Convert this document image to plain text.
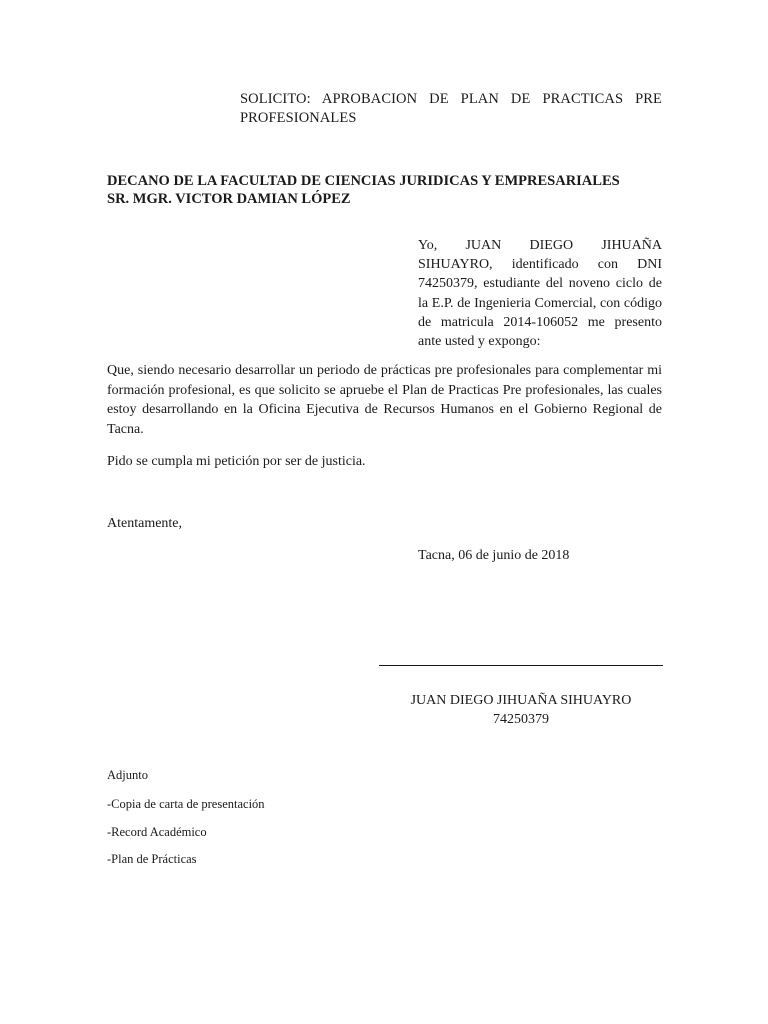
SOLICITO: APROBACION DE PLAN DE PRACTICAS PRE
PROFESIONALES
DECANO DE LA FACULTAD DE CIENCIAS JURIDICAS Y EMPRESARIALES
SR. MGR. VICTOR DAMIAN LÓPEZ
Yo, JUAN DIEGO JIHUAÑA SIHUAYRO, identificado con DNI 74250379, estudiante del noveno ciclo de la E.P. de Ingenieria Comercial, con código de matricula 2014-106052 me presento ante usted y expongo:
Que, siendo necesario desarrollar un periodo de prácticas pre profesionales para complementar mi formación profesional, es que solicito se apruebe el Plan de Practicas Pre profesionales, las cuales estoy desarrollando en la Oficina Ejecutiva de Recursos Humanos en el Gobierno Regional de Tacna.
Pido se cumpla mi petición por ser de justicia.
Atentamente,
Tacna, 06 de junio de 2018
JUAN DIEGO JIHUAÑA SIHUAYRO
74250379
Adjunto
-Copia de carta de presentación
-Record Académico
-Plan de Prácticas
